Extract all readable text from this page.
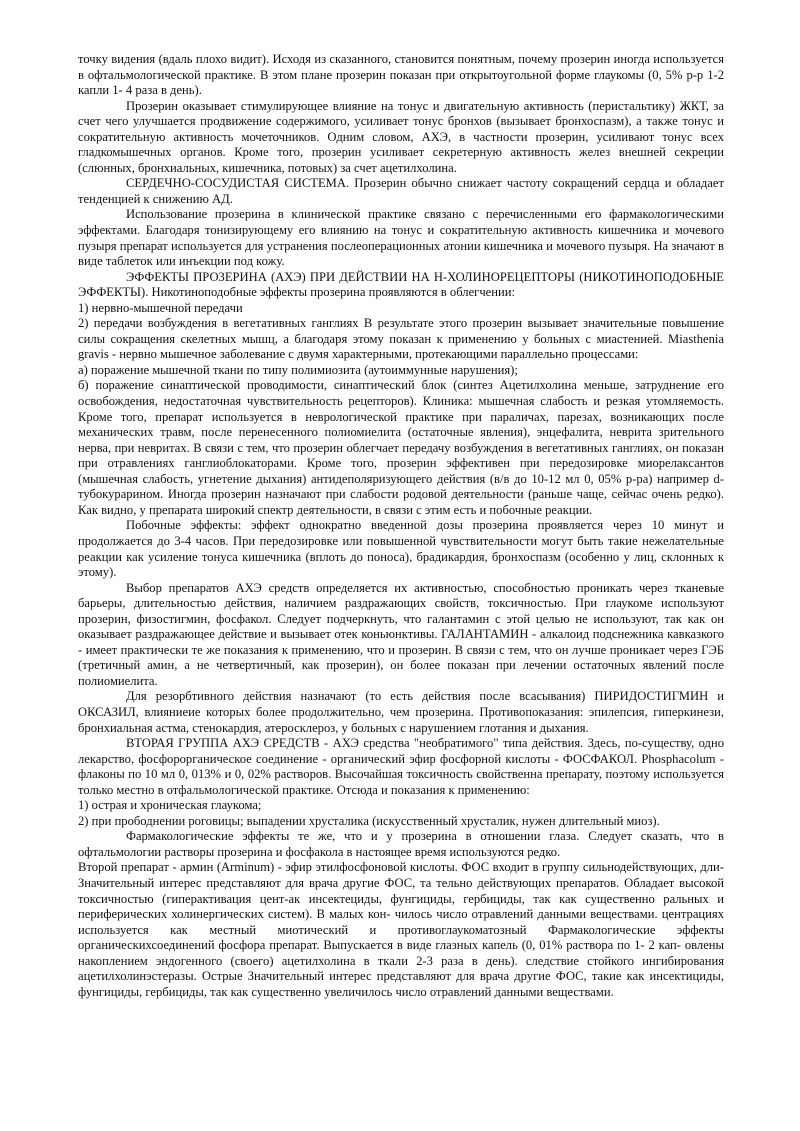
точку видения (вдаль плохо видит). Исходя из сказанного, становится понятным, почему прозерин иногда используется в офтальмологической практике. В этом плане прозерин показан при открытоугольной форме глаукомы (0, 5% р-р 1-2 капли 1- 4 раза в день).

Прозерин оказывает стимулирующее влияние на тонус и двигательную активность (перистальтику) ЖКТ, за счет чего улучшается продвижение содержимого, усиливает тонус бронхов (вызывает бронхоспазм), а также тонус и сократительную активность мочеточников. Одним словом, АХЭ, в частности прозерин, усиливают тонус всех гладкомышечных органов. Кроме того, прозерин усиливает секретерную активность желез внешней секреции (слюнных, бронхиальных, кишечника, потовых) за счет ацетилхолина.

СЕРДЕЧНО-СОСУДИСТАЯ СИСТЕМА. Прозерин обычно снижает частоту сокращений сердца и обладает тенденцией к снижению АД.

Использование прозерина в клинической практике связано с перечисленными его фармакологическими эффектами. Благодаря тонизирующему его влиянию на тонус и сократительную активность кишечника и мочевого пузыря препарат используется для устранения послеоперационных атонии кишечника и мочевого пузыря. На значают в виде таблеток или инъекции под кожу.

ЭФФЕКТЫ ПРОЗЕРИНА (АХЭ) ПРИ ДЕЙСТВИИ НА Н-ХОЛИНОРЕЦЕПТОРЫ (НИКОТИНОПОДОБНЫЕ ЭФФЕКТЫ). Никотиноподобные эффекты прозерина проявляются в облегчении:

1) нервно-мышечной передачи

2) передачи возбуждения в вегетативных ганглиях В результате этого прозерин вызывает значительные повышение силы сокращения скелетных мышц, а благодаря этому показан к применению у больных с миастенией. Miasthenia gravis - нервно мышечное заболевание с двумя характерными, протекающими параллельно процессами:

а) поражение мышечной ткани по типу полимиозита (аутоиммунные нарушения);

б) поражение синаптической проводимости, синаптический блок (синтез Ацетилхолина меньше, затруднение его освобождения, недостаточная чувствительность рецепторов). Клиника: мышечная слабость и резкая утомляемость. Кроме того, препарат используется в неврологической практике при параличах, парезах, возникающих после механических травм, после перенесенного полиомиелита (остаточные явления), энцефалита, неврита зрительного нерва, при невритах. В связи с тем, что прозерин облегчает передачу возбуждения в вегетативных ганглиях, он показан при отравлениях ганглиоблокаторами. Кроме того, прозерин эффективен при передозировке миорелаксантов (мышечная слабость, угнетение дыхания) антидеполяризующего действия (в/в до 10-12 мл 0, 05% р-ра) например d-тубокурарином. Иногда прозерин назначают при слабости родовой деятельности (раньше чаще, сейчас очень редко). Как видно, у препарата широкий спектр деятельности, в связи с этим есть и побочные реакции.

Побочные эффекты: эффект однократно введенной дозы прозерина проявляется через 10 минут и продолжается до 3-4 часов. При передозировке или повышенной чувствительности могут быть такие нежелательные реакции как усиление тонуса кишечника (вплоть до поноса), брадикардия, бронхоспазм (особенно у лиц, склонных к этому).

Выбор препаратов АХЭ средств определяется их активностью, способностью проникать через тканевые барьеры, длительностью действия, наличием раздражающих свойств, токсичностью. При глаукоме используют прозерин, физостигмин, фосфакол. Следует подчеркнуть, что галантамин с этой целью не используют, так как он оказывает раздражающее действие и вызывает отек коньюнктивы. ГАЛАНТАМИН - алкалоид подснежника кавказкого - имеет практически те же показания к применению, что и прозерин. В связи с тем, что он лучше проникает через ГЭБ (третичный амин, а не четвертичный, как прозерин), он более показан при лечении остаточных явлений после полиомиелита.

Для резорбтивного действия назначают (то есть действия после всасывания) ПИРИДОСТИГМИН и ОКСАЗИЛ, влияниеие которых более продолжительно, чем прозерина. Противопоказания: эпилепсия, гиперкинези, бронхиальная астма, стенокардия, атеросклероз, у больных с нарушением глотания и дыхания.

ВТОРАЯ ГРУППА АХЭ СРЕДСТВ - АХЭ средства "необратимого" типа действия. Здесь, по-существу, одно лекарство, фосфорорганическое соединение - органический эфир фосфорной кислоты - ФОСФАКОЛ. Phosphacolum - флаконы по 10 мл 0, 013% и 0, 02% растворов. Высочайшая токсичность свойственна препарату, поэтому используется только местно в отфальмологической практике. Отсюда и показания к применению:

1) острая и хроническая глаукома;

2) при прободнении роговицы; выпадении хрусталика (искусственный хрусталик, нужен длительный миоз).

Фармакологические эффекты те же, что и у прозерина в отношении глаза. Следует сказать, что в офтальмологии растворы прозерина и фосфакола в настоящее время используются редко.

Второй препарат - армин (Arminum) - эфир этилфосфоновой кислоты. ФОС входит в группу сильнодействующих, дли- Значительный интерес представляют для врача другие ФОС, та тельно действующих препаратов. Обладает высокой токсичностью (гиперактивация цент-ак инсектециды, фунгициды, гербициды, так как существенно ральных и периферических холинергических систем). В малых кон- чилось число отравлений данными веществами. центрациях используется как местный миотический и противоглаукоматозный Фармакологические эффекты органическихсоединений фосфора препарат. Выпускается в виде глазных капель (0, 01% раствора по 1- 2 кап- овлены накоплением эндогенного (своего) ацетилхолина в ткали 2-3 раза в день). следствие стойкого ингибирования ацетилхолинэстеразы. Острые Значительный интерес представляют для врача другие ФОС, такие как инсектициды, фунгициды, гербициды, так как существенно увеличилось число отравлений данными веществами.
